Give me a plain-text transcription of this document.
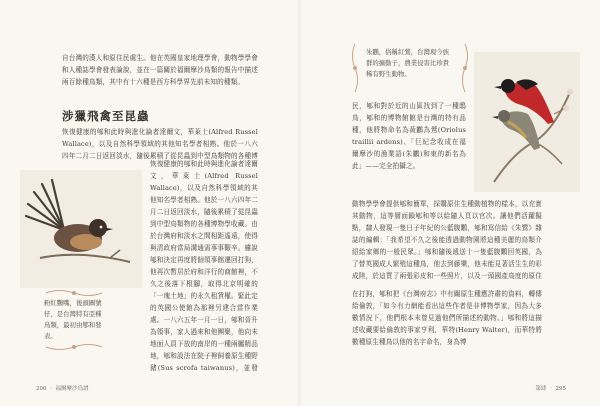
自台灣的漢人和原住民處生。他在英國皇家地理學會，動物學學會和人種誌學會發表論說，並在一篇關於福爾摩沙鳥類的報告中描述兩百餘種鳥類，其中有十六種是西方科學界先前未知的種類。

涉獵飛禽至昆蟲

恢復健康的郇和此時與進化論者達爾文，華萊士(Alfred Russel Wallace)，以及自然科學領域的其他知名學者相熟。他於一八六四年二月二日返回淡水，隨後累積了從昆蟲到中型鳥類物的各種博

恢復健康的郇和此時與進化論者達爾文，華萊士(Alfred Russel Wallace)，以及自然科學領域的其他知名學者相熟。他於一八六四年二月二日返回淡水，隨後累積了從昆蟲到中型鳥類物的各種博物學收藏。由於台灣府和淡水之間相距遙遠，使得與清政府當局溝通需事事艱辛。雖說郇和決定再度將個領事館遷回打狗，他再次暫居於府和洋行的商館裡，不久之後落下根腳，取得北京明確的「一塊土地」的永久租賃權。緊此定的英國公使館為那裡另建合當作業處。一八六五年一月一日，郇和晉升為領事，家人過來和他團聚，他向未地面人員下放的南岸的一種兩屬精品地，郇和設法在院子裡飼養原生種野豬(Sus scrofa taiwanus)，並發

粉紅鸚嘴，後頭圖號仔，是台灣特有亞種鳥類，最初由郇和發表。
206 ‧ 福爾摩沙鳥譜
朱鸝，俗稱紅鶯，台灣現今族群的擴動子，農業侵害比珍貴稀有野生動物。

民，郇和對於近的山區找到了一種鴟鳥，郇和的博物館館是台灣的特有品種，他將物命名為黃鸝為鶯(Oriolus traillii ardens)、「巨紀念收成在福爾摩沙的漁業語(朱鸝)和東的新名為此」——完全拍攝之。

動物學學會提供郇和簡單，採購原住生種動植物的樣本，以充實其動物，這等層面鎖郇和等以給隨人頁以官次。讓他們活躍擬點，隸人發現一隻日子年紀的公藍腹鷴，郇和寫信給《朱鷺》雜誌的編輯：「我希望不久之後能透過動物園將這種美麗的鳥類介紹給家鄉的一般民眾。」郇和隨後遞送十一隻藍腹鷴回英國，為了替英國成人繁殖這種鳥，他去到藤樂，他未能見著活生生的彩成陸，於這買了兩張彩皮和一些照片，以及一頭國產鳥度的原住

在打狗，郇和把《台灣府志》中有關原生種應許肅的資料，轉傳給倫敦，「如今有力網能看出這些作者是非博物學家，因為大多數情況下，他們根本未曾見過他們所描述的動物。」郇和將這描述收藏要給倫敦的事家亨利，華特(Henry Walter)，而華特將數種原生種鳥以他的名字命名，身為博

第肆 ‧ 295
